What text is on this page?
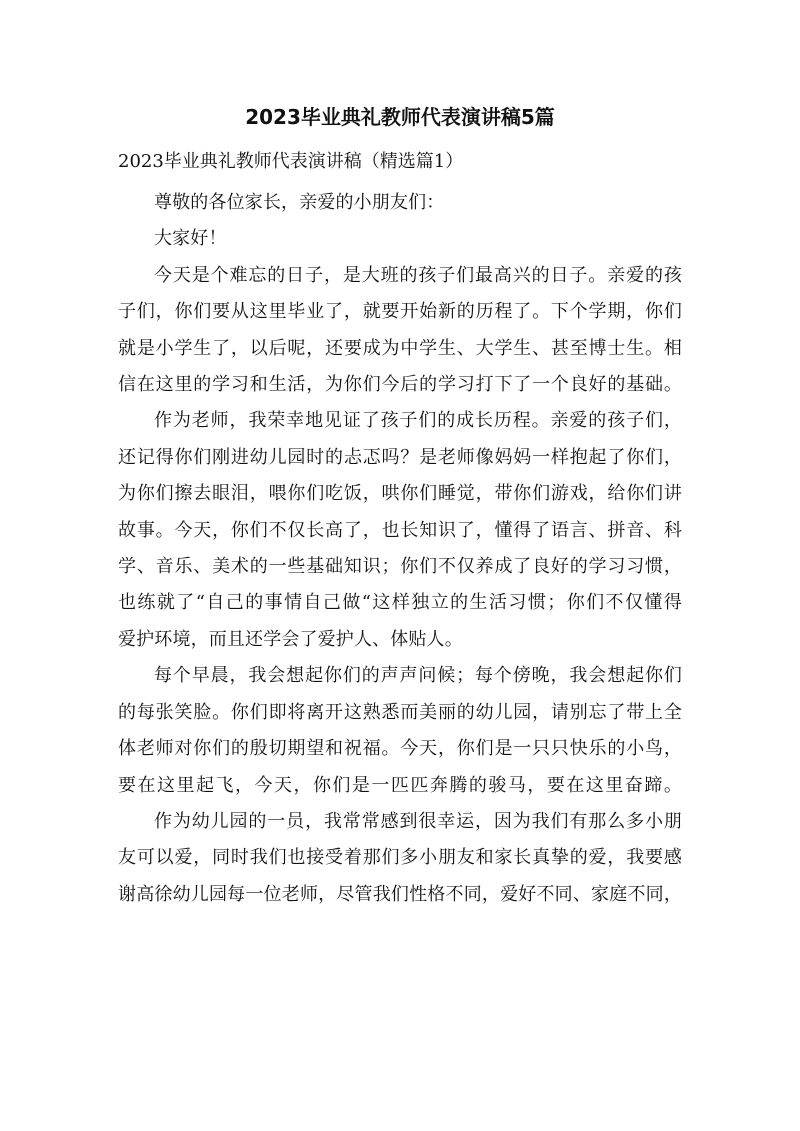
2023毕业典礼教师代表演讲稿5篇
2023毕业典礼教师代表演讲稿（精选篇1）

尊敬的各位家长，亲爱的小朋友们：

大家好！

今天是个难忘的日子，是大班的孩子们最高兴的日子。亲爱的孩
子们，你们要从这里毕业了，就要开始新的历程了。下个学期，你们
就是小学生了，以后呢，还要成为中学生、大学生、甚至博士生。相
信在这里的学习和生活，为你们今后的学习打下了一个良好的基础。

作为老师，我荣幸地见证了孩子们的成长历程。亲爱的孩子们，
还记得你们刚进幼儿园时的忐忑吗？是老师像妈妈一样抱起了你们，
为你们擦去眼泪，喂你们吃饭，哄你们睡觉，带你们游戏，给你们讲
故事。今天，你们不仅长高了，也长知识了，懂得了语言、拼音、科
学、音乐、美术的一些基础知识；你们不仅养成了良好的学习习惯，
也练就了“自己的事情自己做“这样独立的生活习惯；你们不仅懂得
爱护环境，而且还学会了爱护人、体贴人。

每个早晨，我会想起你们的声声问候；每个傍晚，我会想起你们
的每张笑脸。你们即将离开这熟悉而美丽的幼儿园，请别忘了带上全
体老师对你们的殷切期望和祝福。今天，你们是一只只快乐的小鸟，
要在这里起飞，今天，你们是一匹匹奔腾的骏马，要在这里奋蹄。

作为幼儿园的一员，我常常感到很幸运，因为我们有那么多小朋
友可以爱，同时我们也接受着那们多小朋友和家长真挚的爱，我要感
谢高徐幼儿园每一位老师，尽管我们性格不同，爱好不同、家庭不同，
